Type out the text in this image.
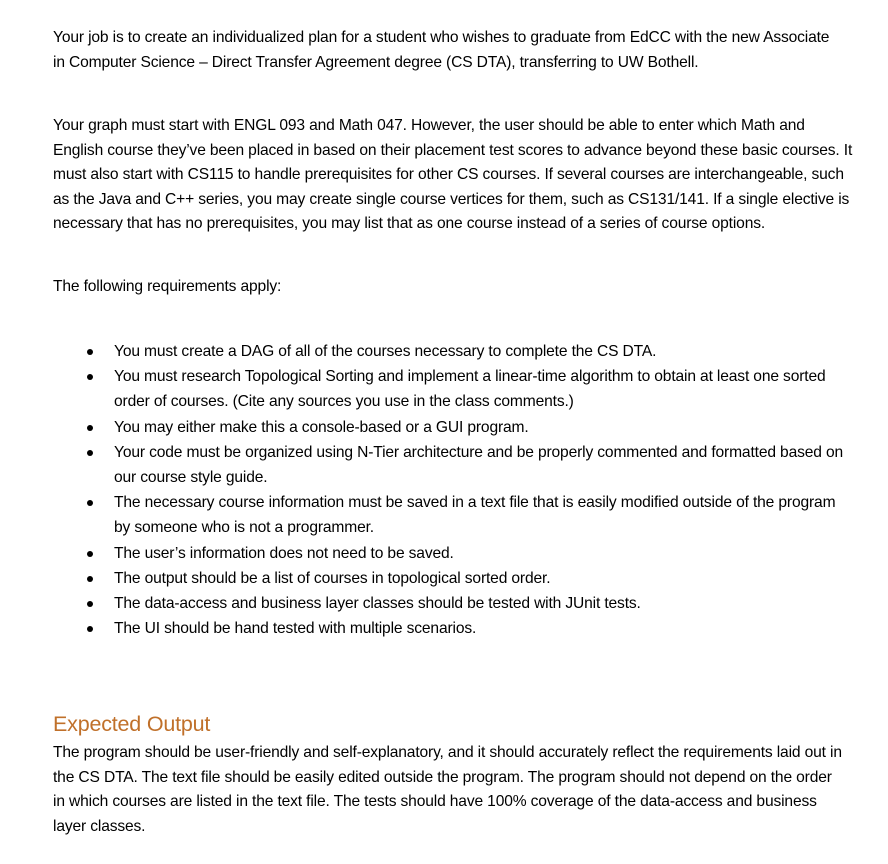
Your job is to create an individualized plan for a student who wishes to graduate from EdCC with the new Associate in Computer Science – Direct Transfer Agreement degree (CS DTA), transferring to UW Bothell.

Your graph must start with ENGL 093 and Math 047. However, the user should be able to enter which Math and English course they’ve been placed in based on their placement test scores to advance beyond these basic courses. It must also start with CS115 to handle prerequisites for other CS courses. If several courses are interchangeable, such as the Java and C++ series, you may create single course vertices for them, such as CS131/141. If a single elective is necessary that has no prerequisites, you may list that as one course instead of a series of course options.

The following requirements apply:

You must create a DAG of all of the courses necessary to complete the CS DTA.
You must research Topological Sorting and implement a linear-time algorithm to obtain at least one sorted order of courses. (Cite any sources you use in the class comments.)
You may either make this a console-based or a GUI program.
Your code must be organized using N-Tier architecture and be properly commented and formatted based on our course style guide.
The necessary course information must be saved in a text file that is easily modified outside of the program by someone who is not a programmer.
The user’s information does not need to be saved.
The output should be a list of courses in topological sorted order.
The data-access and business layer classes should be tested with JUnit tests.
The UI should be hand tested with multiple scenarios.
Expected Output

The program should be user-friendly and self-explanatory, and it should accurately reflect the requirements laid out in the CS DTA. The text file should be easily edited outside the program. The program should not depend on the order in which courses are listed in the text file. The tests should have 100% coverage of the data-access and business layer classes.
